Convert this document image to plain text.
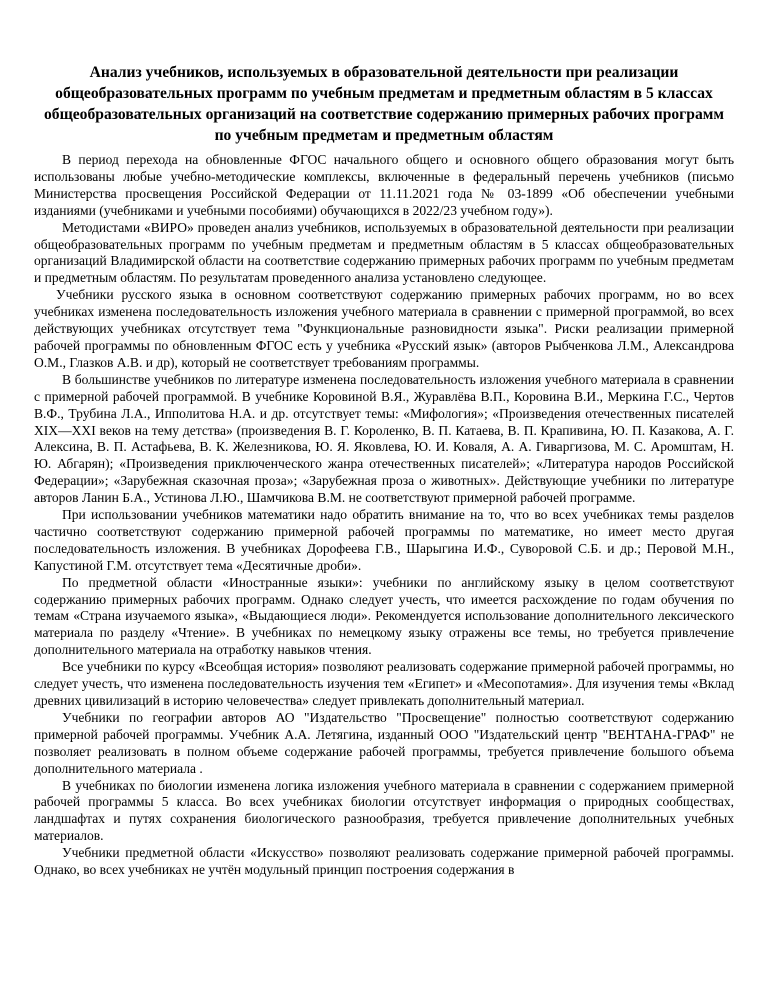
Анализ учебников, используемых в образовательной деятельности при реализации общеобразовательных программ по учебным предметам и предметным областям в 5 классах общеобразовательных организаций на соответствие содержанию примерных рабочих программ по учебным предметам и предметным областям

В период перехода на обновленные ФГОС начального общего и основного общего образования могут быть использованы любые учебно-методические комплексы, включенные в федеральный перечень учебников (письмо Министерства просвещения Российской Федерации от 11.11.2021 года № 03-1899 «Об обеспечении учебными изданиями (учебниками и учебными пособиями) обучающихся в 2022/23 учебном году»).

Методистами «ВИРО» проведен анализ учебников, используемых в образовательной деятельности при реализации общеобразовательных программ по учебным предметам и предметным областям в 5 классах общеобразовательных организаций Владимирской области на соответствие содержанию примерных рабочих программ по учебным предметам и предметным областям. По результатам проведенного анализа установлено следующее.

Учебники русского языка в основном соответствуют содержанию примерных рабочих программ, но во всех учебниках изменена последовательность изложения учебного материала в сравнении с примерной программой, во всех действующих учебниках отсутствует тема "Функциональные разновидности языка". Риски реализации примерной рабочей программы по обновленным ФГОС есть у учебника «Русский язык» (авторов Рыбченкова Л.М., Александрова О.М., Глазков А.В. и др), который не соответствует требованиям программы.

В большинстве учебников по литературе изменена последовательность изложения учебного материала в сравнении с примерной рабочей программой. В учебнике Коровиной В.Я., Журавлёва В.П., Коровина В.И., Меркина Г.С., Чертов В.Ф., Трубина Л.А., Ипполитова Н.А. и др. отсутствует темы: «Мифология»; «Произведения отечественных писателей XIX—XXI веков на тему детства» (произведения В. Г. Короленко, В. П. Катаева, В. П. Крапивина, Ю. П. Казакова, А. Г. Алексина, В. П. Астафьева, В. К. Железникова, Ю. Я. Яковлева, Ю. И. Коваля, А. А. Гиваргизова, М. С. Аромштам, Н. Ю. Абгарян); «Произведения приключенческого жанра отечественных писателей»; «Литература народов Российской Федерации»; «Зарубежная сказочная проза»; «Зарубежная проза о животных». Действующие учебники по литературе авторов Ланин Б.А., Устинова Л.Ю., Шамчикова В.М. не соответствуют примерной рабочей программе.

При использовании учебников математики надо обратить внимание на то, что во всех учебниках темы разделов частично соответствуют содержанию примерной рабочей программы по математике, но имеет место другая последовательность изложения. В учебниках Дорофеева Г.В., Шарыгина И.Ф., Суворовой С.Б. и др.; Перовой М.Н., Капустиной Г.М. отсутствует тема «Десятичные дроби».

По предметной области «Иностранные языки»: учебники по английскому языку в целом соответствуют содержанию примерных рабочих программ. Однако следует учесть, что имеется расхождение по годам обучения по темам «Страна изучаемого языка», «Выдающиеся люди». Рекомендуется использование дополнительного лексического материала по разделу «Чтение». В учебниках по немецкому языку отражены все темы, но требуется привлечение дополнительного материала на отработку навыков чтения.

Все учебники по курсу «Всеобщая история» позволяют реализовать содержание примерной рабочей программы, но следует учесть, что изменена последовательность изучения тем «Египет» и «Месопотамия». Для изучения темы «Вклад древних цивилизаций в историю человечества» следует привлекать дополнительный материал.

Учебники по географии авторов АО "Издательство "Просвещение" полностью соответствуют содержанию примерной рабочей программы. Учебник А.А. Летягина, изданный ООО "Издательский центр "ВЕНТАНА-ГРАФ" не позволяет реализовать в полном объеме содержание рабочей программы, требуется привлечение большого объема дополнительного материала .

В учебниках по биологии изменена логика изложения учебного материала в сравнении с содержанием примерной рабочей программы 5 класса. Во всех учебниках биологии отсутствует информация о природных сообществах, ландшафтах и путях сохранения биологического разнообразия, требуется привлечение дополнительных учебных материалов.

Учебники предметной области «Искусство» позволяют реализовать содержание примерной рабочей программы. Однако, во всех учебниках не учтён модульный принцип построения содержания в
